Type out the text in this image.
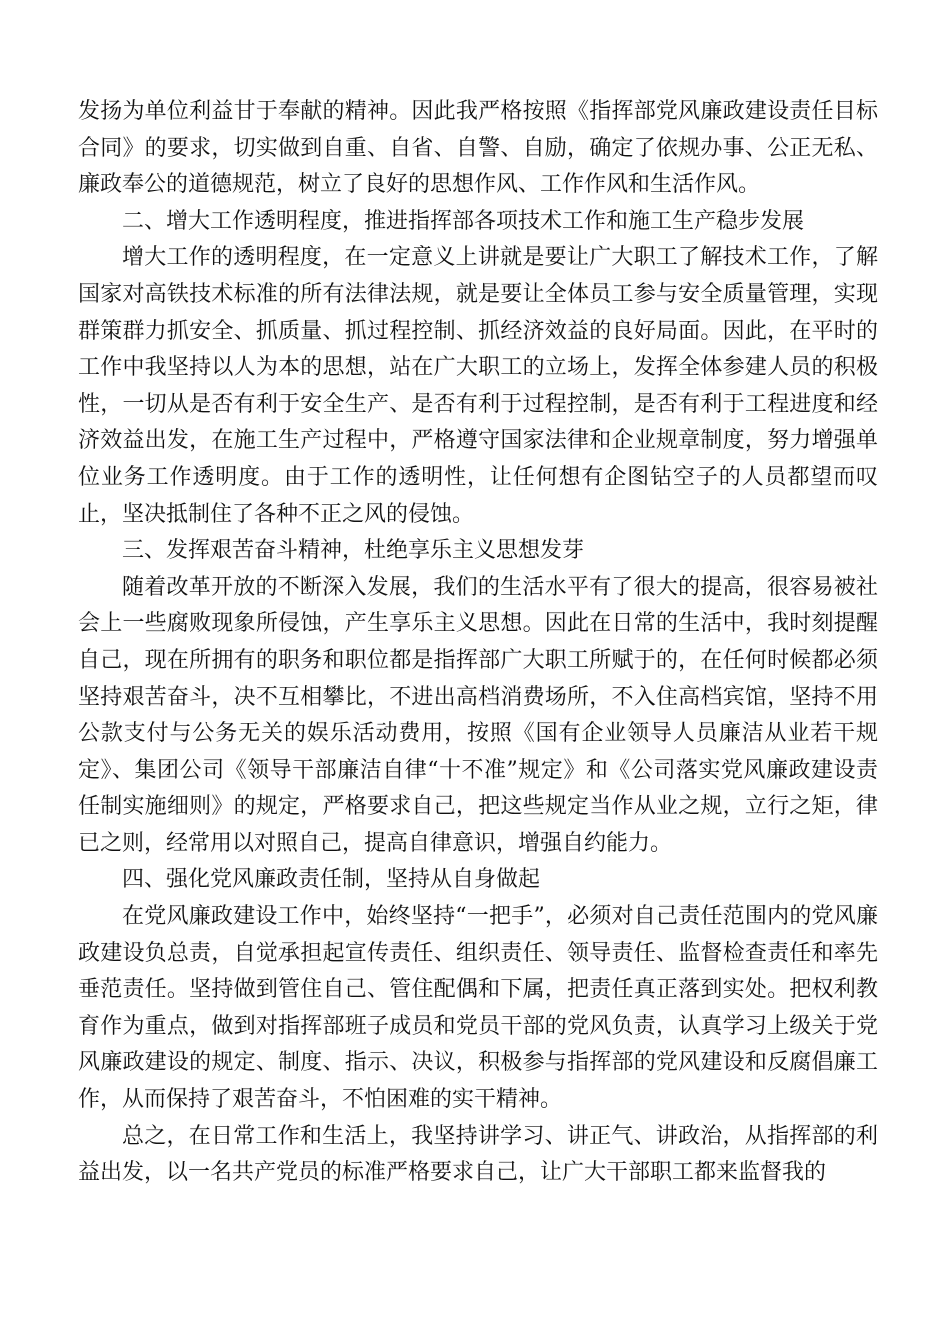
发扬为单位利益甘于奉献的精神。因此我严格按照《指挥部党风廉政建设责任目标合同》的要求，切实做到自重、自省、自警、自励，确定了依规办事、公正无私、廉政奉公的道德规范，树立了良好的思想作风、工作作风和生活作风。

二、增大工作透明程度，推进指挥部各项技术工作和施工生产稳步发展

增大工作的透明程度，在一定意义上讲就是要让广大职工了解技术工作，了解国家对高铁技术标准的所有法律法规，就是要让全体员工参与安全质量管理，实现群策群力抓安全、抓质量、抓过程控制、抓经济效益的良好局面。因此，在平时的工作中我坚持以人为本的思想，站在广大职工的立场上，发挥全体参建人员的积极性，一切从是否有利于安全生产、是否有利于过程控制，是否有利于工程进度和经济效益出发，在施工生产过程中，严格遵守国家法律和企业规章制度，努力增强单位业务工作透明度。由于工作的透明性，让任何想有企图钻空子的人员都望而叹止，坚决抵制住了各种不正之风的侵蚀。

三、发挥艰苦奋斗精神，杜绝享乐主义思想发芽

随着改革开放的不断深入发展，我们的生活水平有了很大的提高，很容易被社会上一些腐败现象所侵蚀，产生享乐主义思想。因此在日常的生活中，我时刻提醒自己，现在所拥有的职务和职位都是指挥部广大职工所赋于的，在任何时候都必须坚持艰苦奋斗，决不互相攀比，不进出高档消费场所，不入住高档宾馆，坚持不用公款支付与公务无关的娱乐活动费用，按照《国有企业领导人员廉洁从业若干规定》、集团公司《领导干部廉洁自律“十不准”规定》和《公司落实党风廉政建设责任制实施细则》的规定，严格要求自己，把这些规定当作从业之规，立行之矩，律已之则，经常用以对照自己，提高自律意识，增强自约能力。

四、强化党风廉政责任制，坚持从自身做起

在党风廉政建设工作中，始终坚持“一把手”，必须对自己责任范围内的党风廉政建设负总责，自觉承担起宣传责任、组织责任、领导责任、监督检查责任和率先垂范责任。坚持做到管住自己、管住配偶和下属，把责任真正落到实处。把权利教育作为重点，做到对指挥部班子成员和党员干部的党风负责，认真学习上级关于党风廉政建设的规定、制度、指示、决议，积极参与指挥部的党风建设和反腐倡廉工作，从而保持了艰苦奋斗，不怕困难的实干精神。

总之，在日常工作和生活上，我坚持讲学习、讲正气、讲政治，从指挥部的利益出发，以一名共产党员的标准严格要求自己，让广大干部职工都来监督我的
